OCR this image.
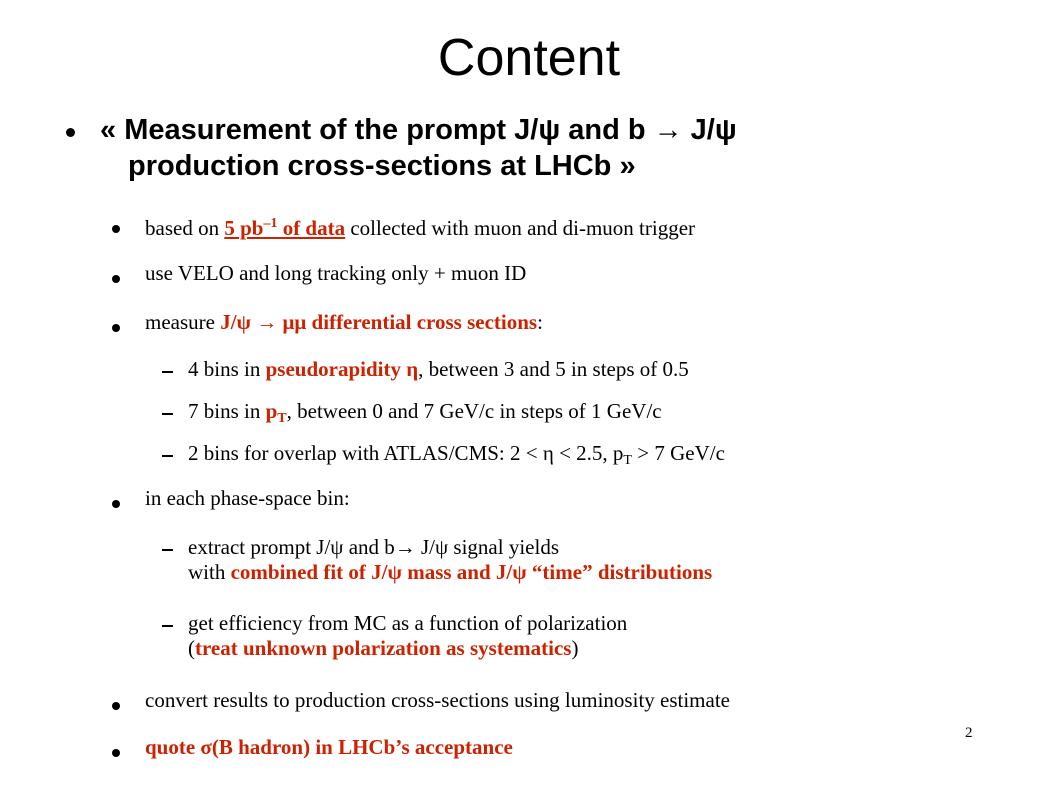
Content
« Measurement of the prompt J/ψ and b → J/ψ
production cross-sections at LHCb »
based on 5 $pb^{-1}$ of data collected with muon and di-muon trigger
use VELO and long tracking only + muon ID
measure J/ψ → μμ differential cross sections:
4 bins in pseudorapidity η, between 3 and 5 in steps of 0.5
7 bins in $p_T$, between 0 and 7 GeV/c in steps of 1 GeV/c
2 bins for overlap with ATLAS/CMS: 2 < η < 2.5, $p_T > 7$ GeV/c
in each phase-space bin:
extract prompt J/ψ and b→ J/ψ signal yields
with combined fit of J/ψ mass and J/ψ “time” distributions
get efficiency from MC as a function of polarization
(treat unknown polarization as systematics)
convert results to production cross-sections using luminosity estimate
quote σ(B hadron) in LHCb’s acceptance
2
